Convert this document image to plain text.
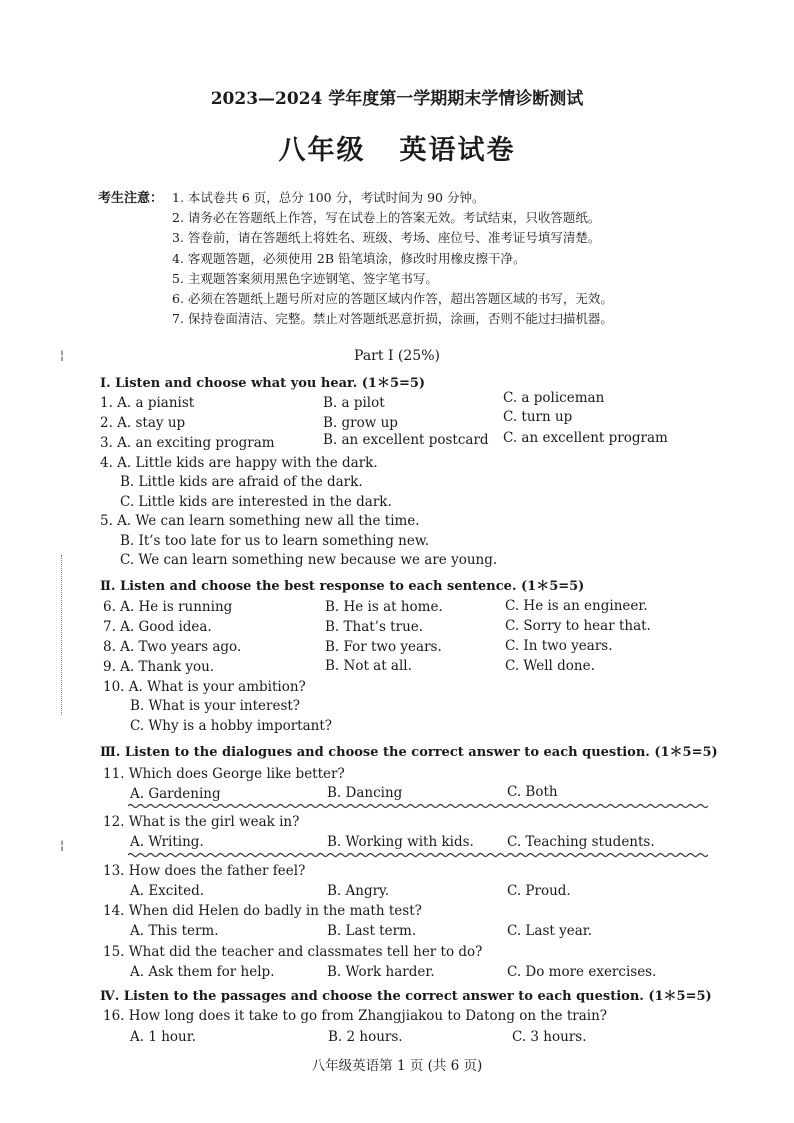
2023—2024 学年度第一学期期末学情诊断测试
八年级 英语试卷
考生注意： 1. 本试卷共 6 页，总分 100 分，考试时间为 90 分钟。
2. 请务必在答题纸上作答，写在试卷上的答案无效。考试结束，只收答题纸。
3. 答卷前，请在答题纸上将姓名、班级、考场、座位号、准考证号填写清楚。
4. 客观题答题，必须使用 2B 铅笔填涂，修改时用橡皮擦干净。
5. 主观题答案须用黑色字迹钢笔、签字笔书写。
6. 必须在答题纸上题号所对应的答题区域内作答，超出答题区域的书写，无效。
7. 保持卷面清洁、完整。禁止对答题纸恶意折损，涂画，否则不能过扫描机器。
Part Ⅰ (25%)
Ⅰ. Listen and choose what you hear. (1＊5=5)
1. A. a pianist	B. a pilot	C. a policeman
2. A. stay up	B. grow up	C. turn up
3. A. an exciting program	B. an excellent postcard C. an excellent program
4. A. Little kids are happy with the dark.
B. Little kids are afraid of the dark.
C. Little kids are interested in the dark.
5. A. We can learn something new all the time.
B. It’s too late for us to learn something new.
C. We can learn something new because we are young.
Ⅱ. Listen and choose the best response to each sentence. (1＊5=5)
6. A. He is running	B. He is at home.	C. He is an engineer.
7. A. Good idea.	B. That’s true.	C. Sorry to hear that.
8. A. Two years ago.	B. For two years.	C. In two years.
9. A. Thank you.	B. Not at all.	C. Well done.
10. A. What is your ambition?
B. What is your interest?
C. Why is a hobby important?
Ⅲ. Listen to the dialogues and choose the correct answer to each question. (1＊5=5)
11. Which does George like better?
A. Gardening	B. Dancing	C. Both
12. What is the girl weak in?
A. Writing.	B. Working with kids. C. Teaching students.
13. How does the father feel?
A. Excited.	B. Angry.	C. Proud.
14. When did Helen do badly in the math test?
A. This term.	B. Last term.	C. Last year.
15. What did the teacher and classmates tell her to do?
A. Ask them for help.	B. Work harder.	C. Do more exercises.
Ⅳ. Listen to the passages and choose the correct answer to each question. (1＊5=5)
16. How long does it take to go from Zhangjiakou to Datong on the train?
A. 1 hour.	B. 2 hours.	C. 3 hours.
¦
¦
八年级英语第 1 页 (共 6 页)
